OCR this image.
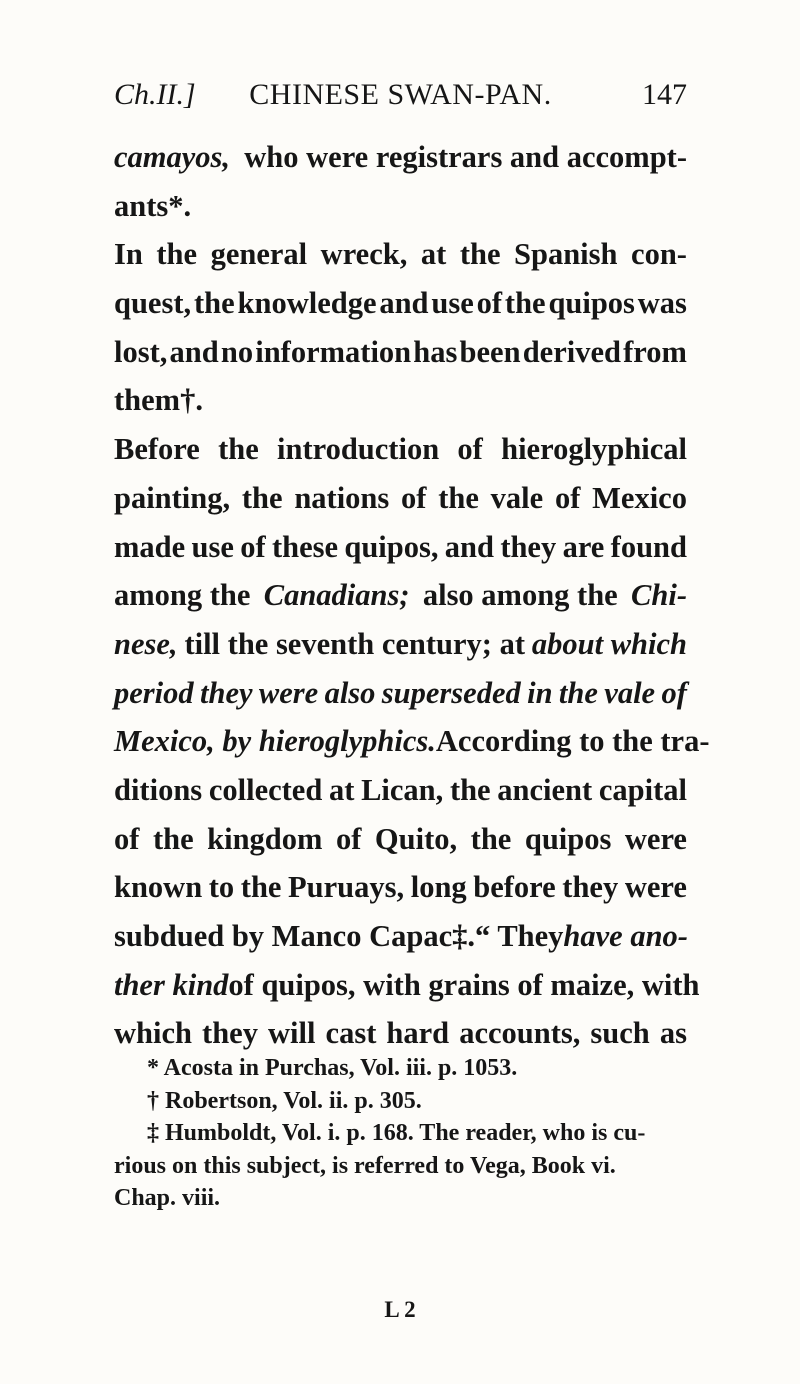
Ch.II.]	CHINESE SWAN-PAN.	147
camayos, who were registrars and accompt-
ants*.
In the general wreck, at the Spanish con-
quest, the knowledge and use of the quipos was
lost, and no information has been derived from
them†.
Before the introduction of hieroglyphical
painting, the nations of the vale of Mexico
made use of these quipos, and they are found
among the Canadians; also among the Chi-
nese, till the seventh century; at about which
period they were also superseded in the vale of
Mexico, by hieroglyphics. According to the tra-
ditions collected at Lican, the ancient capital
of the kingdom of Quito, the quipos were
known to the Puruays, long before they were
subdued by Manco Capac‡. “ They have ano-
ther kind of quipos, with grains of maize, with
which they will cast hard accounts, such as
* Acosta in Purchas, Vol. iii. p. 1053.
† Robertson, Vol. ii. p. 305.
‡ Humboldt, Vol. i. p. 168. The reader, who is cu-
rious on this subject, is referred to Vega, Book vi.
Chap. viii.
L 2
